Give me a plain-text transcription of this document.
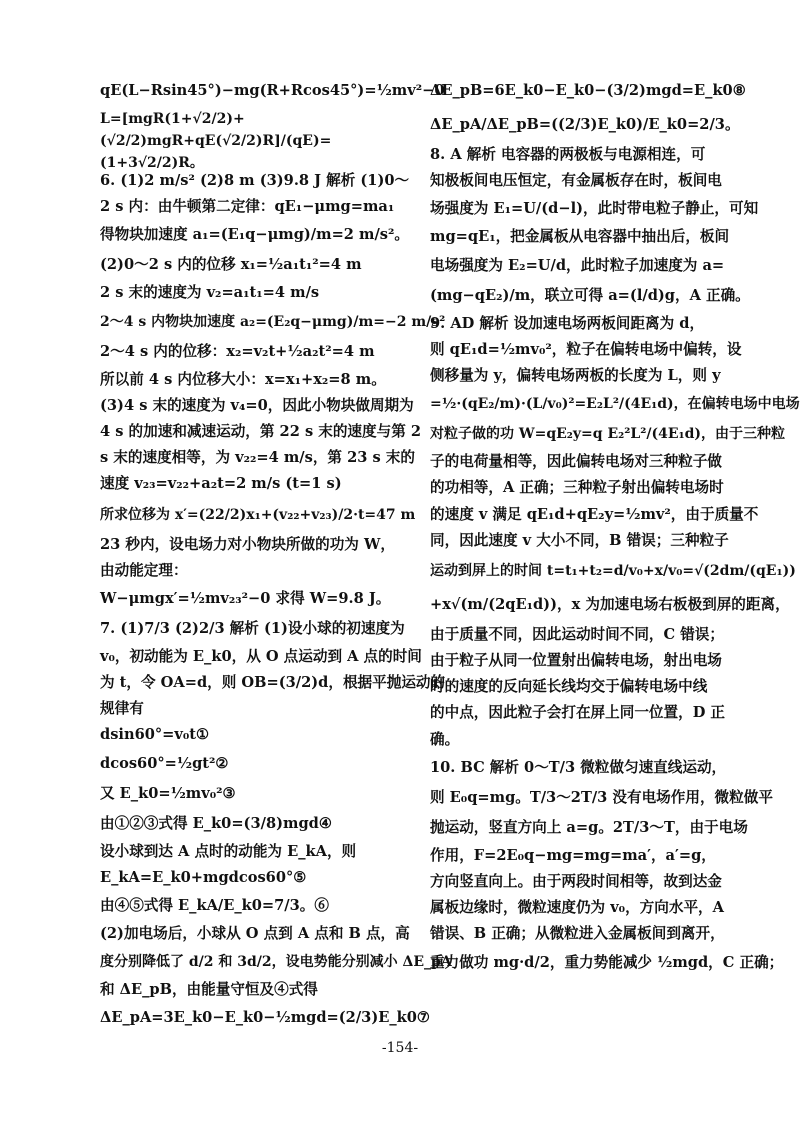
qE(L−Rsin45°)−mg(R+Rcos45°)=½mv²−0
L=[mgR(1+√2/2)+(√2/2)mgR+qE(√2/2)R]/(qE)=(1+3√2/2)R。
6. (1)2 m/s² (2)8 m (3)9.8 J 解析 (1)0～
2 s 内：由牛顿第二定律：qE₁−μmg=ma₁
得物块加速度 a₁=(E₁q−μmg)/m=2 m/s²。
(2)0～2 s 内的位移 x₁=½a₁t₁²=4 m
2 s 末的速度为 v₂=a₁t₁=4 m/s
2～4 s 内物块加速度 a₂=(E₂q−μmg)/m=−2 m/s²
2～4 s 内的位移：x₂=v₂t+½a₂t²=4 m
所以前 4 s 内位移大小：x=x₁+x₂=8 m。
(3)4 s 末的速度为 v₄=0，因此小物块做周期为
4 s 的加速和减速运动，第 22 s 末的速度与第 2
s 末的速度相等，为 v₂₂=4 m/s，第 23 s 末的
速度 v₂₃=v₂₂+a₂t=2 m/s (t=1 s)
所求位移为 x′=(22/2)x₁+(v₂₂+v₂₃)/2·t=47 m
23 秒内，设电场力对小物块所做的功为 W，
由动能定理：
W−μmgx′=½mv₂₃²−0 求得 W=9.8 J。
7. (1)7/3 (2)2/3 解析 (1)设小球的初速度为
v₀，初动能为 E_k0，从 O 点运动到 A 点的时间
为 t，令 OA=d，则 OB=(3/2)d，根据平抛运动的
规律有
dsin60°=v₀t①
dcos60°=½gt²②
又 E_k0=½mv₀²③
由①②③式得 E_k0=(3/8)mgd④
设小球到达 A 点时的动能为 E_kA，则
E_kA=E_k0+mgdcos60°⑤
由④⑤式得 E_kA/E_k0=7/3。⑥
(2)加电场后，小球从 O 点到 A 点和 B 点，高
度分别降低了 d/2 和 3d/2，设电势能分别减小 ΔE_pA
和 ΔE_pB，由能量守恒及④式得
ΔE_pA=3E_k0−E_k0−½mgd=(2/3)E_k0⑦
ΔE_pB=6E_k0−E_k0−(3/2)mgd=E_k0⑧
ΔE_pA/ΔE_pB=((2/3)E_k0)/E_k0=2/3。
8. A 解析 电容器的两极板与电源相连，可
知极板间电压恒定，有金属板存在时，板间电
场强度为 E₁=U/(d−l)，此时带电粒子静止，可知
mg=qE₁，把金属板从电容器中抽出后，板间
电场强度为 E₂=U/d，此时粒子加速度为 a=
(mg−qE₂)/m，联立可得 a=(l/d)g，A 正确。
9. AD 解析 设加速电场两板间距离为 d，
则 qE₁d=½mv₀²，粒子在偏转电场中偏转，设
侧移量为 y，偏转电场两板的长度为 L，则 y
=½·(qE₂/m)·(L/v₀)²=E₂L²/(4E₁d)，在偏转电场中电场
对粒子做的功 W=qE₂y=q E₂²L²/(4E₁d)，由于三种粒
子的电荷量相等，因此偏转电场对三种粒子做
的功相等，A 正确；三种粒子射出偏转电场时
的速度 v 满足 qE₁d+qE₂y=½mv²，由于质量不
同，因此速度 v 大小不同，B 错误；三种粒子
运动到屏上的时间 t=t₁+t₂=d/v₀+x/v₀=√(2dm/(qE₁))
+x√(m/(2qE₁d))，x 为加速电场右板极到屏的距离，
由于质量不同，因此运动时间不同，C 错误；
由于粒子从同一位置射出偏转电场，射出电场
时的速度的反向延长线均交于偏转电场中线
的中点，因此粒子会打在屏上同一位置，D 正
确。
10. BC 解析 0～T/3 微粒做匀速直线运动，
则 E₀q=mg。T/3～2T/3 没有电场作用，微粒做平
抛运动，竖直方向上 a=g。2T/3～T，由于电场
作用，F=2E₀q−mg=mg=ma′，a′=g，
方向竖直向上。由于两段时间相等，故到达金
属板边缘时，微粒速度仍为 v₀，方向水平，A
错误、B 正确；从微粒进入金属板间到离开，
重力做功 mg·d/2，重力势能减少 ½mgd，C 正确；
-154-
